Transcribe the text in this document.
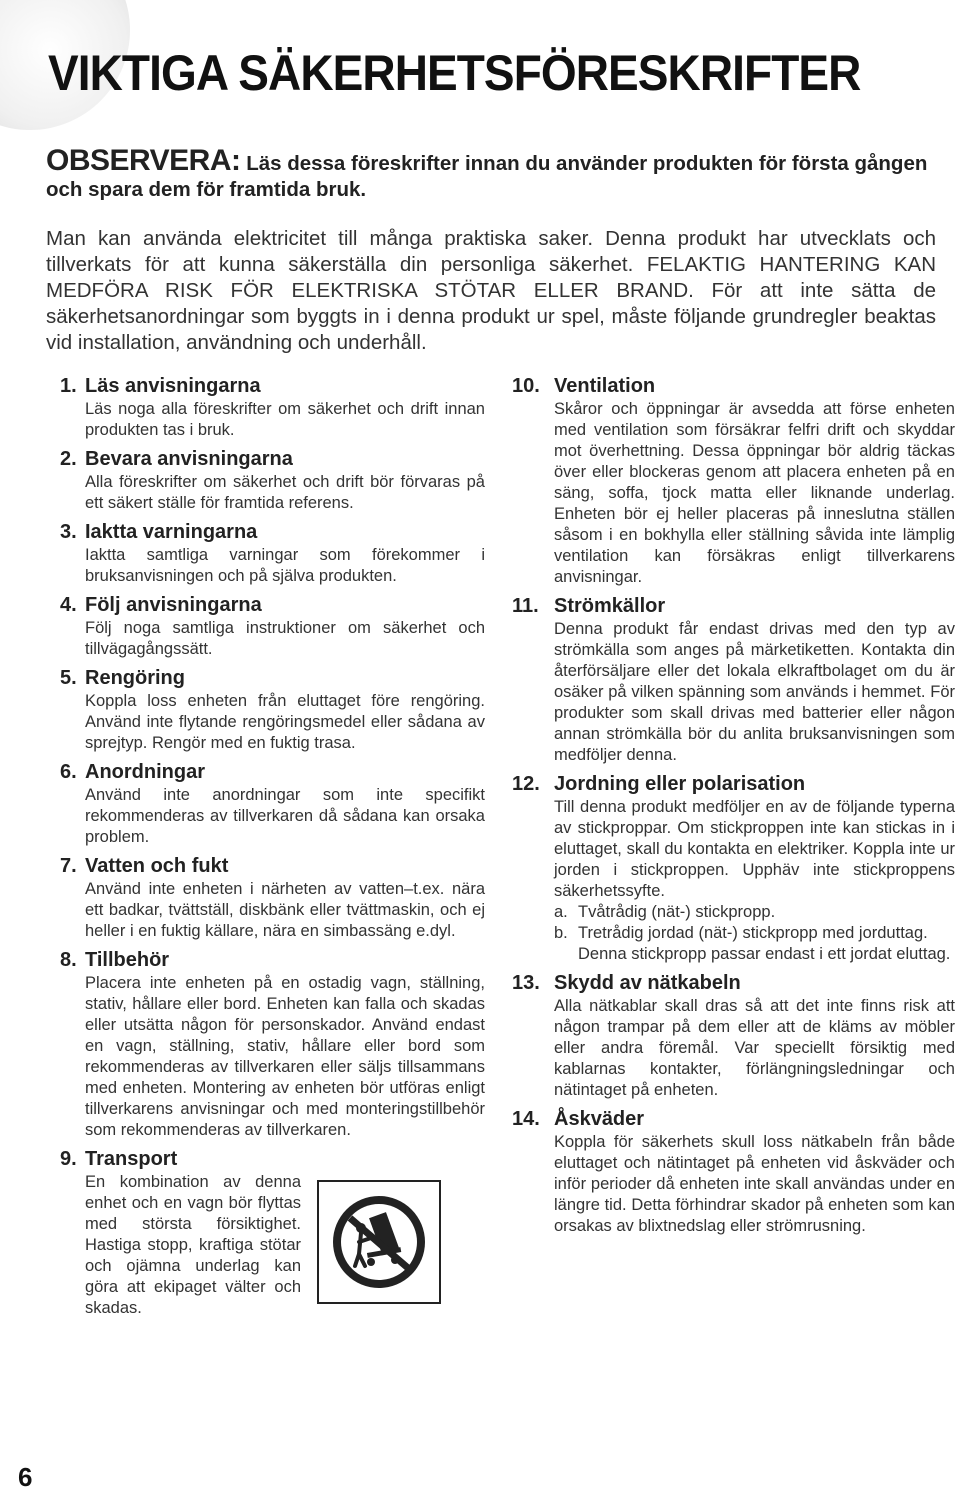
VIKTIGA SÄKERHETSFÖRESKRIFTER
OBSERVERA: Läs dessa föreskrifter innan du använder produkten för första gången och spara dem för framtida bruk.

Man kan använda elektricitet till många praktiska saker. Denna produkt har utvecklats och tillverkats för att kunna säkerställa din personliga säkerhet. FELAKTIG HANTERING KAN MEDFÖRA RISK FÖR ELEKTRISKA STÖTAR ELLER BRAND. För att inte sätta de säkerhetsanordningar som byggts in i denna produkt ur spel, måste följande grundregler beaktas vid installation, användning och underhåll.

1. Läs anvisningarna
Läs noga alla föreskrifter om säkerhet och drift innan produkten tas i bruk.
2. Bevara anvisningarna
Alla föreskrifter om säkerhet och drift bör förvaras på ett säkert ställe för framtida referens.
3. Iaktta varningarna
Iaktta samtliga varningar som förekommer i bruksanvisningen och på själva produkten.
4. Följ anvisningarna
Följ noga samtliga instruktioner om säkerhet och tillvägagångssätt.
5. Rengöring
Koppla loss enheten från eluttaget före rengöring. Använd inte flytande rengöringsmedel eller sådana av sprejtyp. Rengör med en fuktig trasa.
6. Anordningar
Använd inte anordningar som inte specifikt rekommenderas av tillverkaren då sådana kan orsaka problem.
7. Vatten och fukt
Använd inte enheten i närheten av vatten–t.ex. nära ett badkar, tvättställ, diskbänk eller tvättmaskin, och ej heller i en fuktig källare, nära en simbassäng e.dyl.
8. Tillbehör
Placera inte enheten på en ostadig vagn, ställning, stativ, hållare eller bord. Enheten kan falla och skadas eller utsätta någon för personskador. Använd endast en vagn, ställning, stativ, hållare eller bord som rekommenderas av tillverkaren eller säljs tillsammans med enheten. Montering av enheten bör utföras enligt tillverkarens anvisningar och med monteringstillbehör som rekommenderas av tillverkaren.
9. Transport
En kombination av denna enhet och en vagn bör flyttas med största försiktighet. Hastiga stopp, kraftiga stötar och ojämna underlag kan göra att ekipaget välter och skadas.
10. Ventilation
Skåror och öppningar är avsedda att förse enheten med ventilation som försäkrar felfri drift och skyddar mot överhettning. Dessa öppningar bör aldrig täckas över eller blockeras genom att placera enheten på en säng, soffa, tjock matta eller liknande underlag. Enheten bör ej heller placeras på inneslutna ställen såsom i en bokhylla eller ställning såvida inte lämplig ventilation kan försäkras enligt tillverkarens anvisningar.
11. Strömkällor
Denna produkt får endast drivas med den typ av strömkälla som anges på märketiketten. Kontakta din återförsäljare eller det lokala elkraftbolaget om du är osäker på vilken spänning som används i hemmet. För produkter som skall drivas med batterier eller någon annan strömkälla bör du anlita bruksanvisningen som medföljer denna.
12. Jordning eller polarisation
Till denna produkt medföljer en av de följande typerna av stickproppar. Om stickproppen inte kan stickas in i eluttaget, skall du kontakta en elektriker. Koppla inte ur jorden i stickproppen. Upphäv inte stickproppens säkerhetssyfte.
a. Tvåtrådig (nät-) stickpropp.
b. Tretrådig jordad (nät-) stickpropp med jorduttag.
Denna stickpropp passar endast i ett jordat eluttag.
13. Skydd av nätkabeln
Alla nätkablar skall dras så att det inte finns risk att någon trampar på dem eller att de kläms av möbler eller andra föremål. Var speciellt försiktig med kablarnas kontakter, förlängningsledningar och nätintaget på enheten.
14. Åskväder
Koppla för säkerhets skull loss nätkabeln från både eluttaget och nätintaget på enheten vid åskväder och inför perioder då enheten inte skall användas under en längre tid. Detta förhindrar skador på enheten som kan orsakas av blixtnedslag eller strömrusning.
6
